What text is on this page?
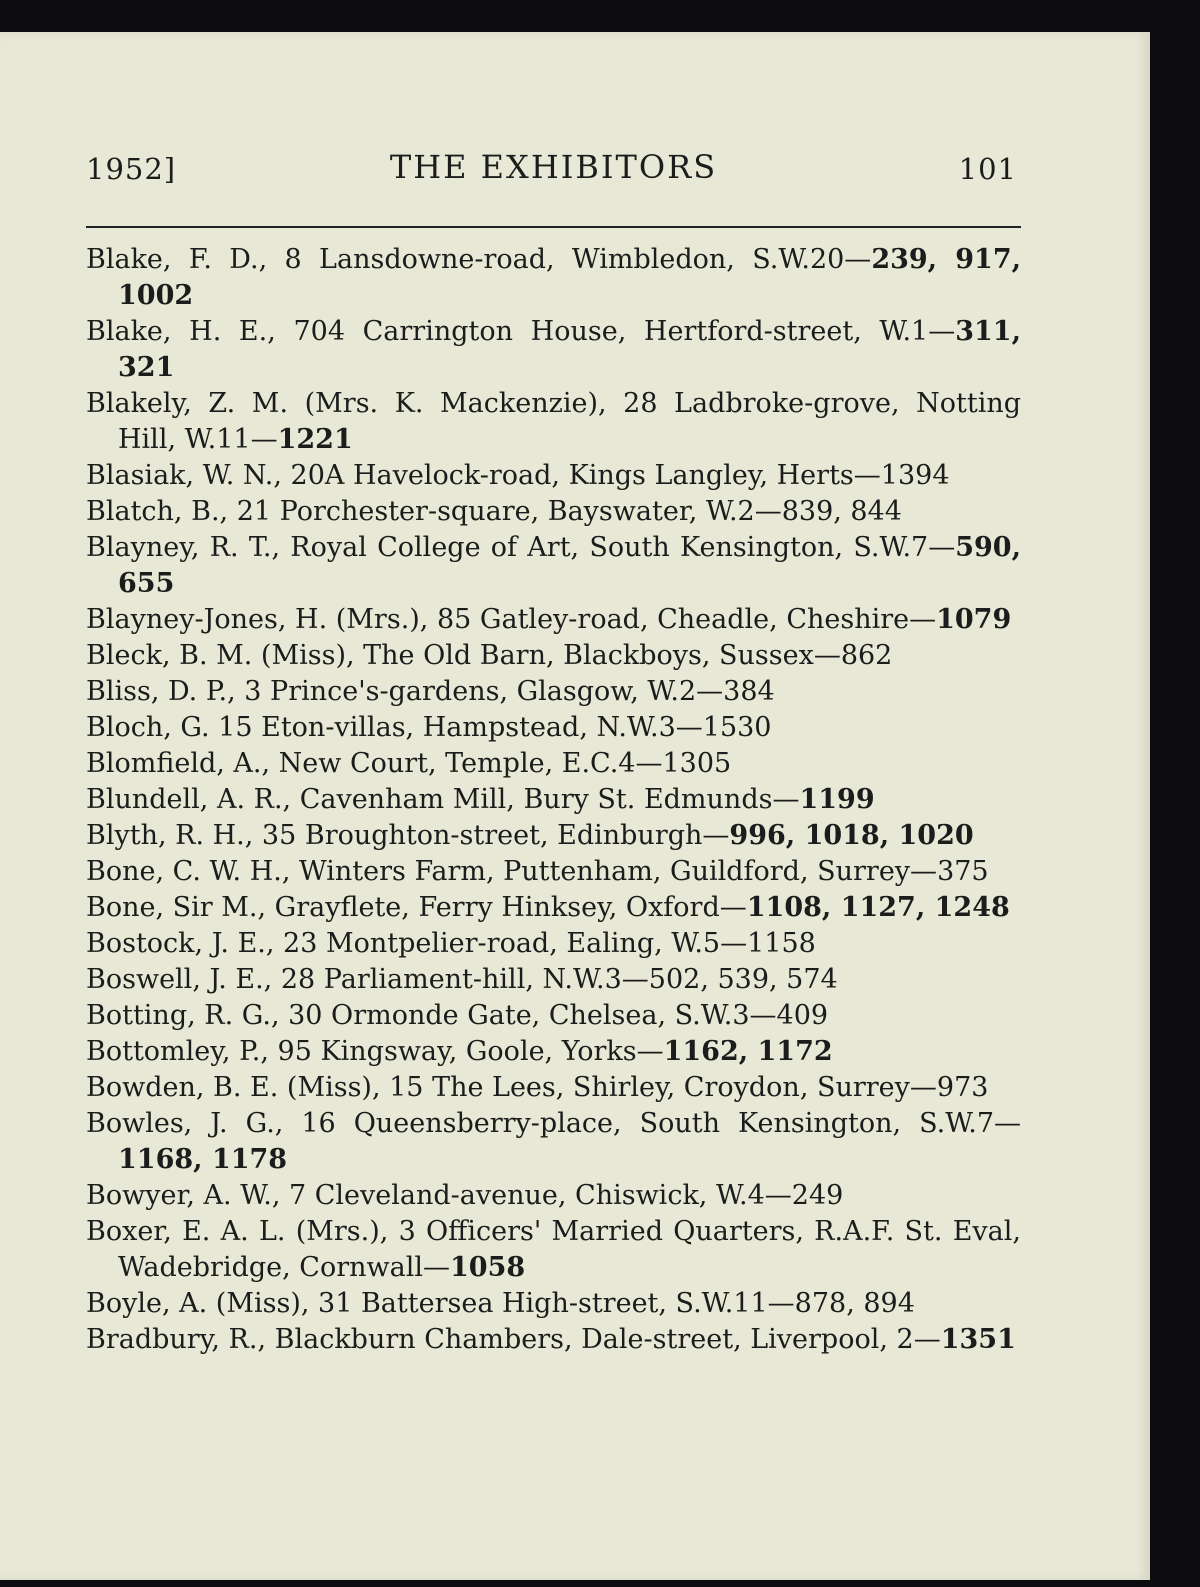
1952]	THE EXHIBITORS	101
Blake, F. D., 8 Lansdowne-road, Wimbledon, S.W.20—239, 917, 1002
Blake, H. E., 704 Carrington House, Hertford-street, W.1—311, 321
Blakely, Z. M. (Mrs. K. Mackenzie), 28 Ladbroke-grove, Notting Hill, W.11—1221
Blasiak, W. N., 20A Havelock-road, Kings Langley, Herts—1394
Blatch, B., 21 Porchester-square, Bayswater, W.2—839, 844
Blayney, R. T., Royal College of Art, South Kensington, S.W.7—590, 655
Blayney-Jones, H. (Mrs.), 85 Gatley-road, Cheadle, Cheshire—1079
Bleck, B. M. (Miss), The Old Barn, Blackboys, Sussex—862
Bliss, D. P., 3 Prince's-gardens, Glasgow, W.2—384
Bloch, G. 15 Eton-villas, Hampstead, N.W.3—1530
Blomfield, A., New Court, Temple, E.C.4—1305
Blundell, A. R., Cavenham Mill, Bury St. Edmunds—1199
Blyth, R. H., 35 Broughton-street, Edinburgh—996, 1018, 1020
Bone, C. W. H., Winters Farm, Puttenham, Guildford, Surrey—375
Bone, Sir M., Grayflete, Ferry Hinksey, Oxford—1108, 1127, 1248
Bostock, J. E., 23 Montpelier-road, Ealing, W.5—1158
Boswell, J. E., 28 Parliament-hill, N.W.3—502, 539, 574
Botting, R. G., 30 Ormonde Gate, Chelsea, S.W.3—409
Bottomley, P., 95 Kingsway, Goole, Yorks—1162, 1172
Bowden, B. E. (Miss), 15 The Lees, Shirley, Croydon, Surrey—973
Bowles, J. G., 16 Queensberry-place, South Kensington, S.W.7—1168, 1178
Bowyer, A. W., 7 Cleveland-avenue, Chiswick, W.4—249
Boxer, E. A. L. (Mrs.), 3 Officers' Married Quarters, R.A.F. St. Eval, Wadebridge, Cornwall—1058
Boyle, A. (Miss), 31 Battersea High-street, S.W.11—878, 894
Bradbury, R., Blackburn Chambers, Dale-street, Liverpool, 2—1351
